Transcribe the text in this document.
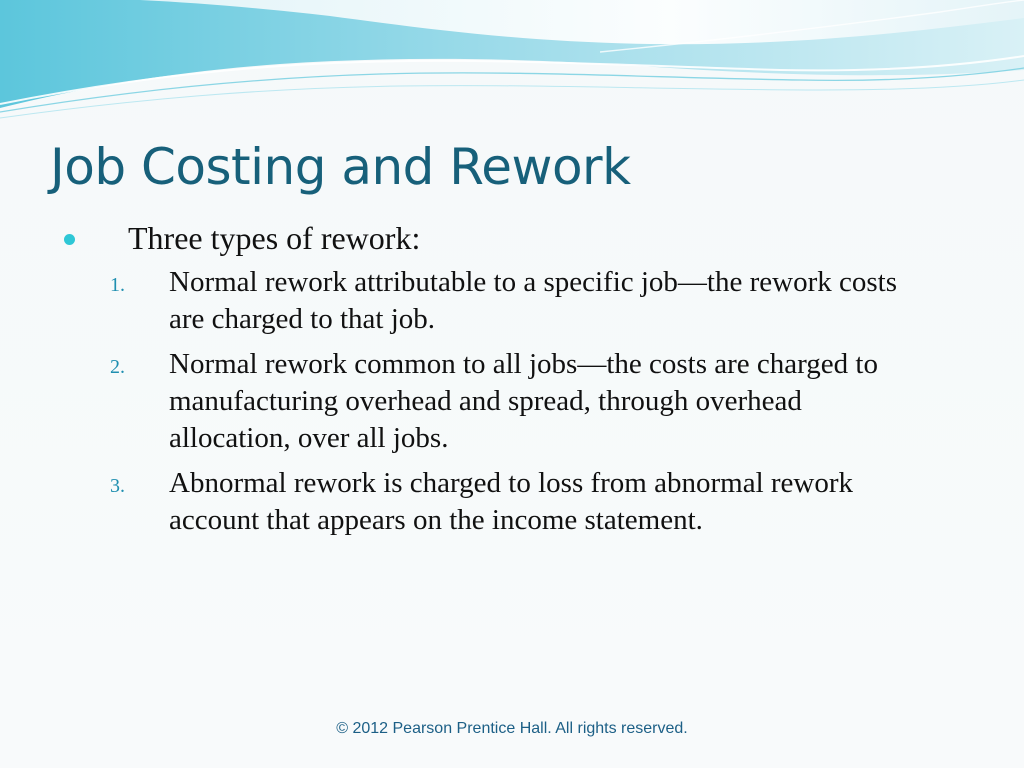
Job Costing and Rework
Three types of rework:
1. Normal rework attributable to a specific job—the rework costs are charged to that job.
2. Normal rework common to all jobs—the costs are charged to manufacturing overhead and spread, through overhead allocation, over all jobs.
3. Abnormal rework is charged to loss from abnormal rework account that appears on the income statement.
© 2012 Pearson Prentice Hall. All rights reserved.
